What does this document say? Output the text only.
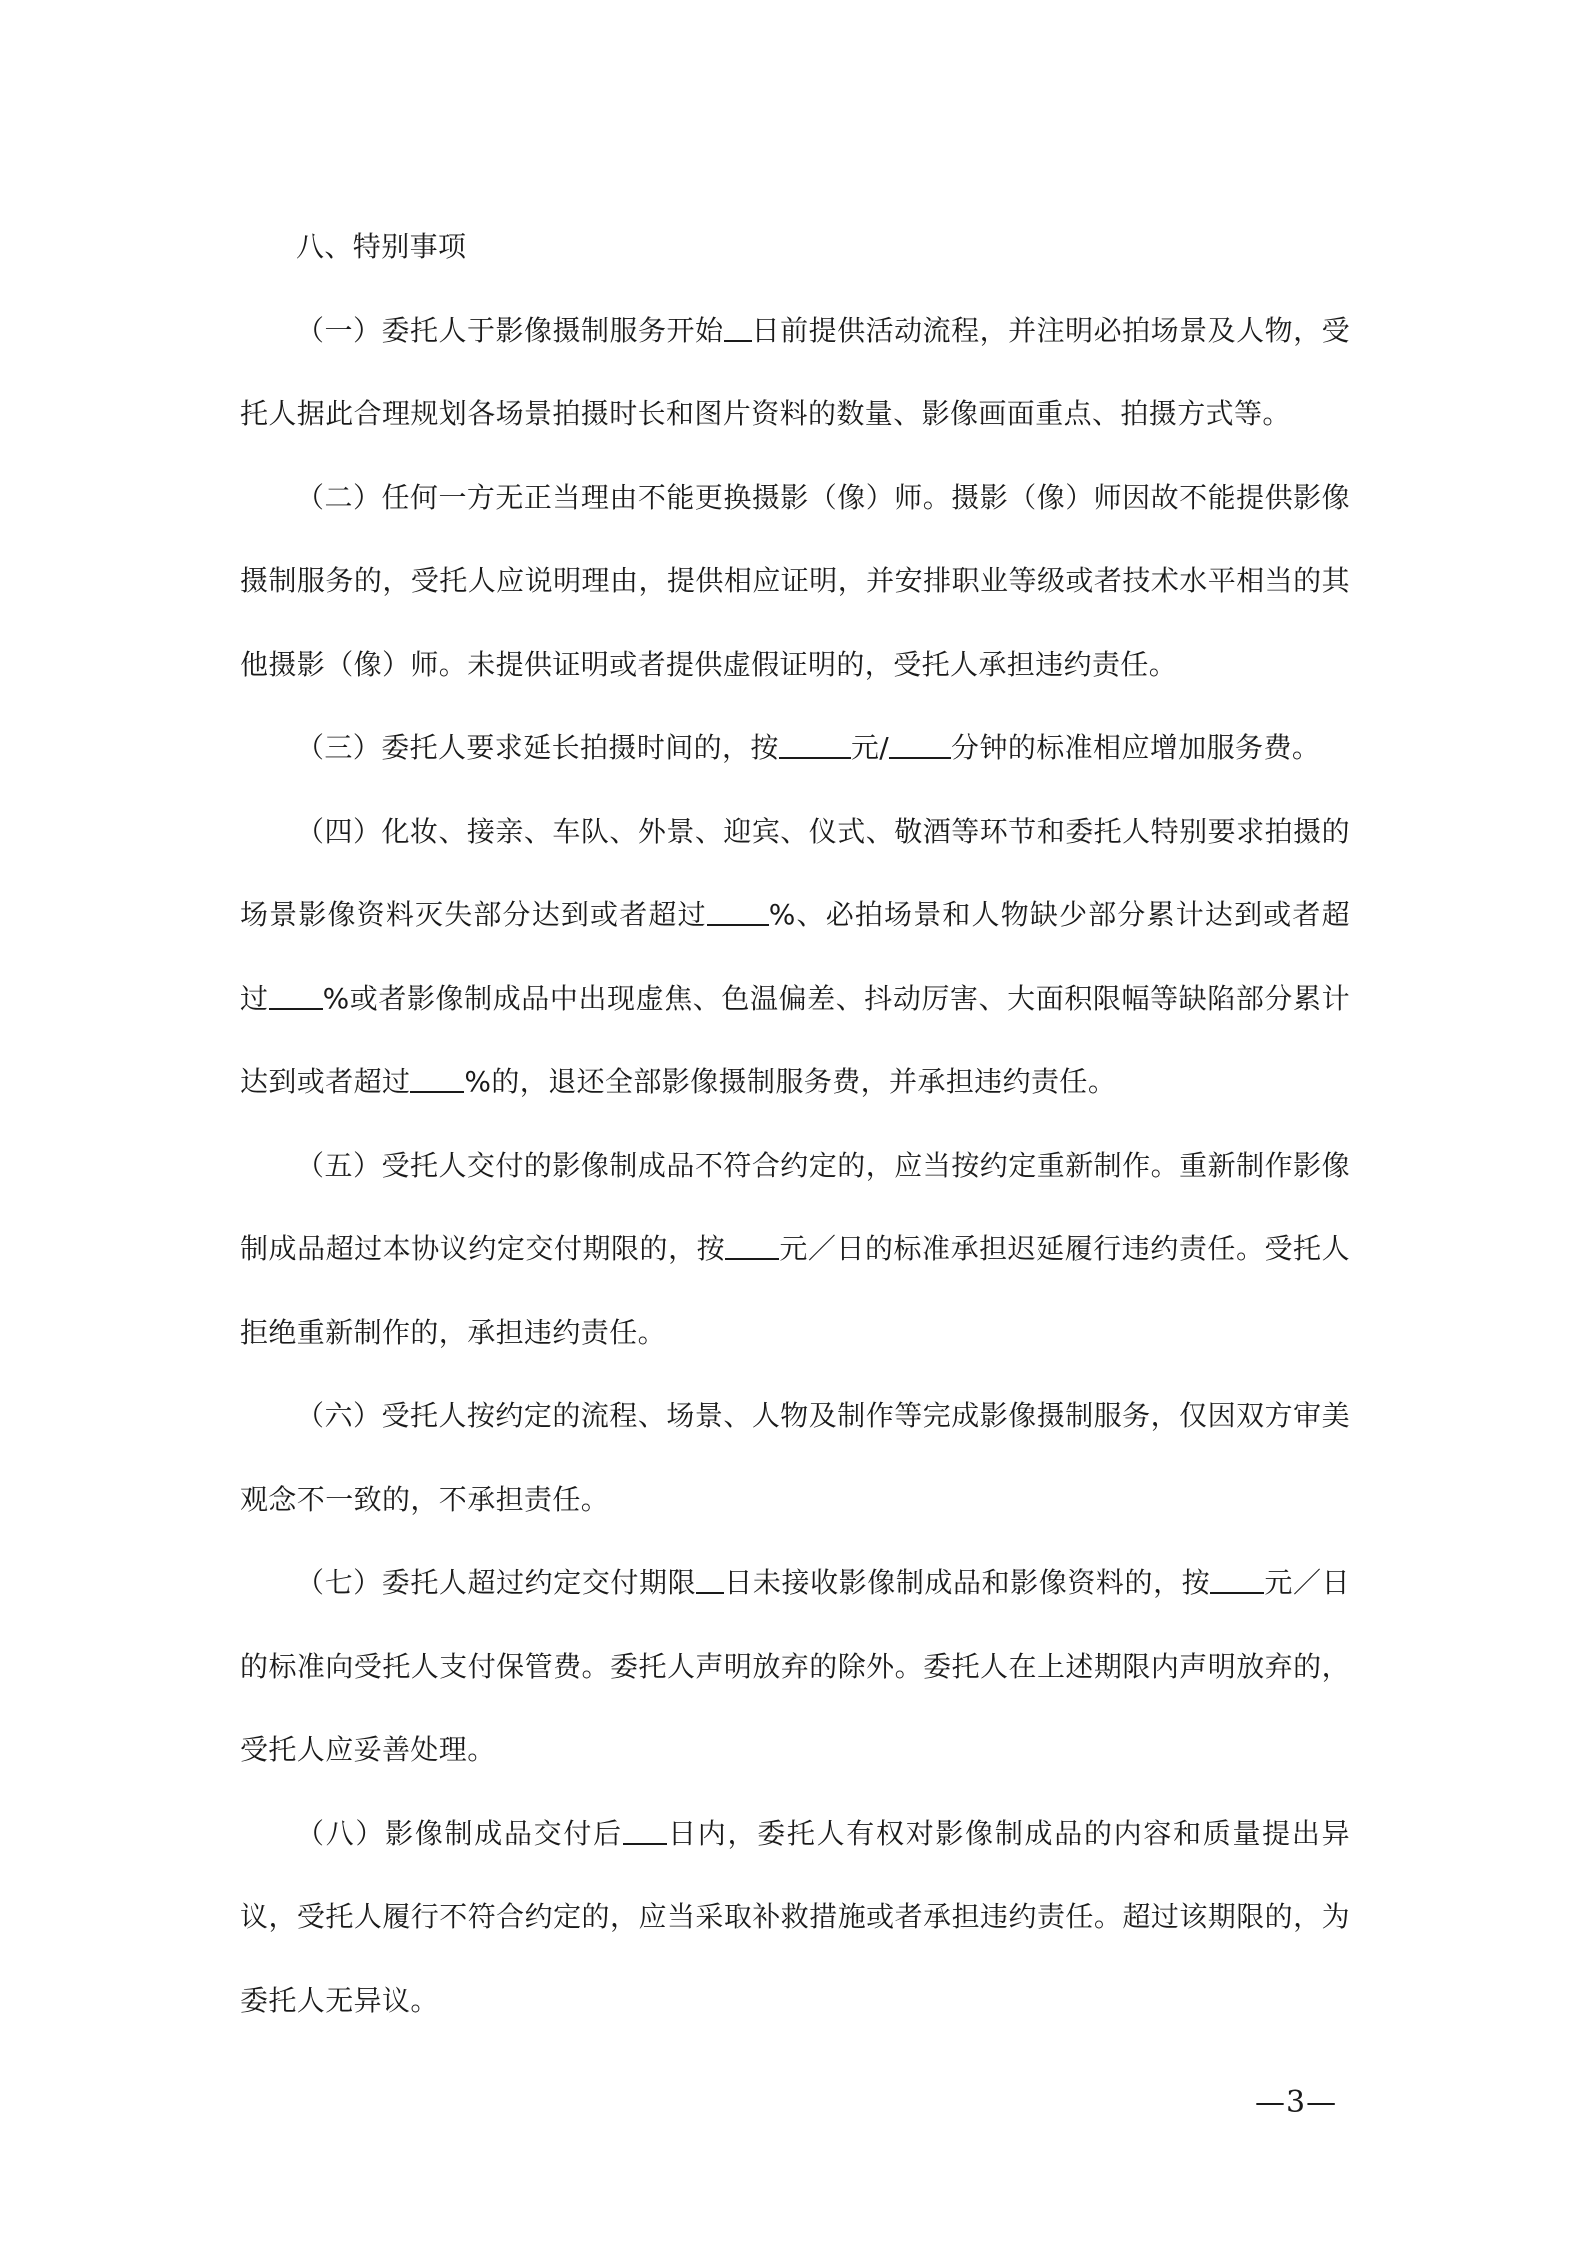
八、特别事项

（一）委托人于影像摄制服务开始 日前提供活动流程，并注明必拍场景及人物，受托人据此合理规划各场景拍摄时长和图片资料的数量、影像画面重点、拍摄方式等。

（二）任何一方无正当理由不能更换摄影（像）师。摄影（像）师因故不能提供影像摄制服务的，受托人应说明理由，提供相应证明，并安排职业等级或者技术水平相当的其他摄影（像）师。未提供证明或者提供虚假证明的，受托人承担违约责任。

（三）委托人要求延长拍摄时间的，按	元/ 分钟的标准相应增加服务费。

（四）化妆、接亲、车队、外景、迎宾、仪式、敬酒等环节和委托人特别要求拍摄的场景影像资料灭失部分达到或者超过 %、必拍场景和人物缺少部分累计达到或者超过 %或者影像制成品中出现虚焦、色温偏差、抖动厉害、大面积限幅等缺陷部分累计达到或者超过 %的，退还全部影像摄制服务费，并承担违约责任。

（五）受托人交付的影像制成品不符合约定的，应当按约定重新制作。重新制作影像制成品超过本协议约定交付期限的，按 元／日的标准承担迟延履行违约责任。受托人拒绝重新制作的，承担违约责任。

（六）受托人按约定的流程、场景、人物及制作等完成影像摄制服务，仅因双方审美观念不一致的，不承担责任。

（七）委托人超过约定交付期限 日未接收影像制成品和影像资料的，按 元／日的标准向受托人支付保管费。委托人声明放弃的除外。委托人在上述期限内声明放弃的，受托人应妥善处理。

（八）影像制成品交付后 日内，委托人有权对影像制成品的内容和质量提出异议，受托人履行不符合约定的，应当采取补救措施或者承担违约责任。超过该期限的，为委托人无异议。

—3—
